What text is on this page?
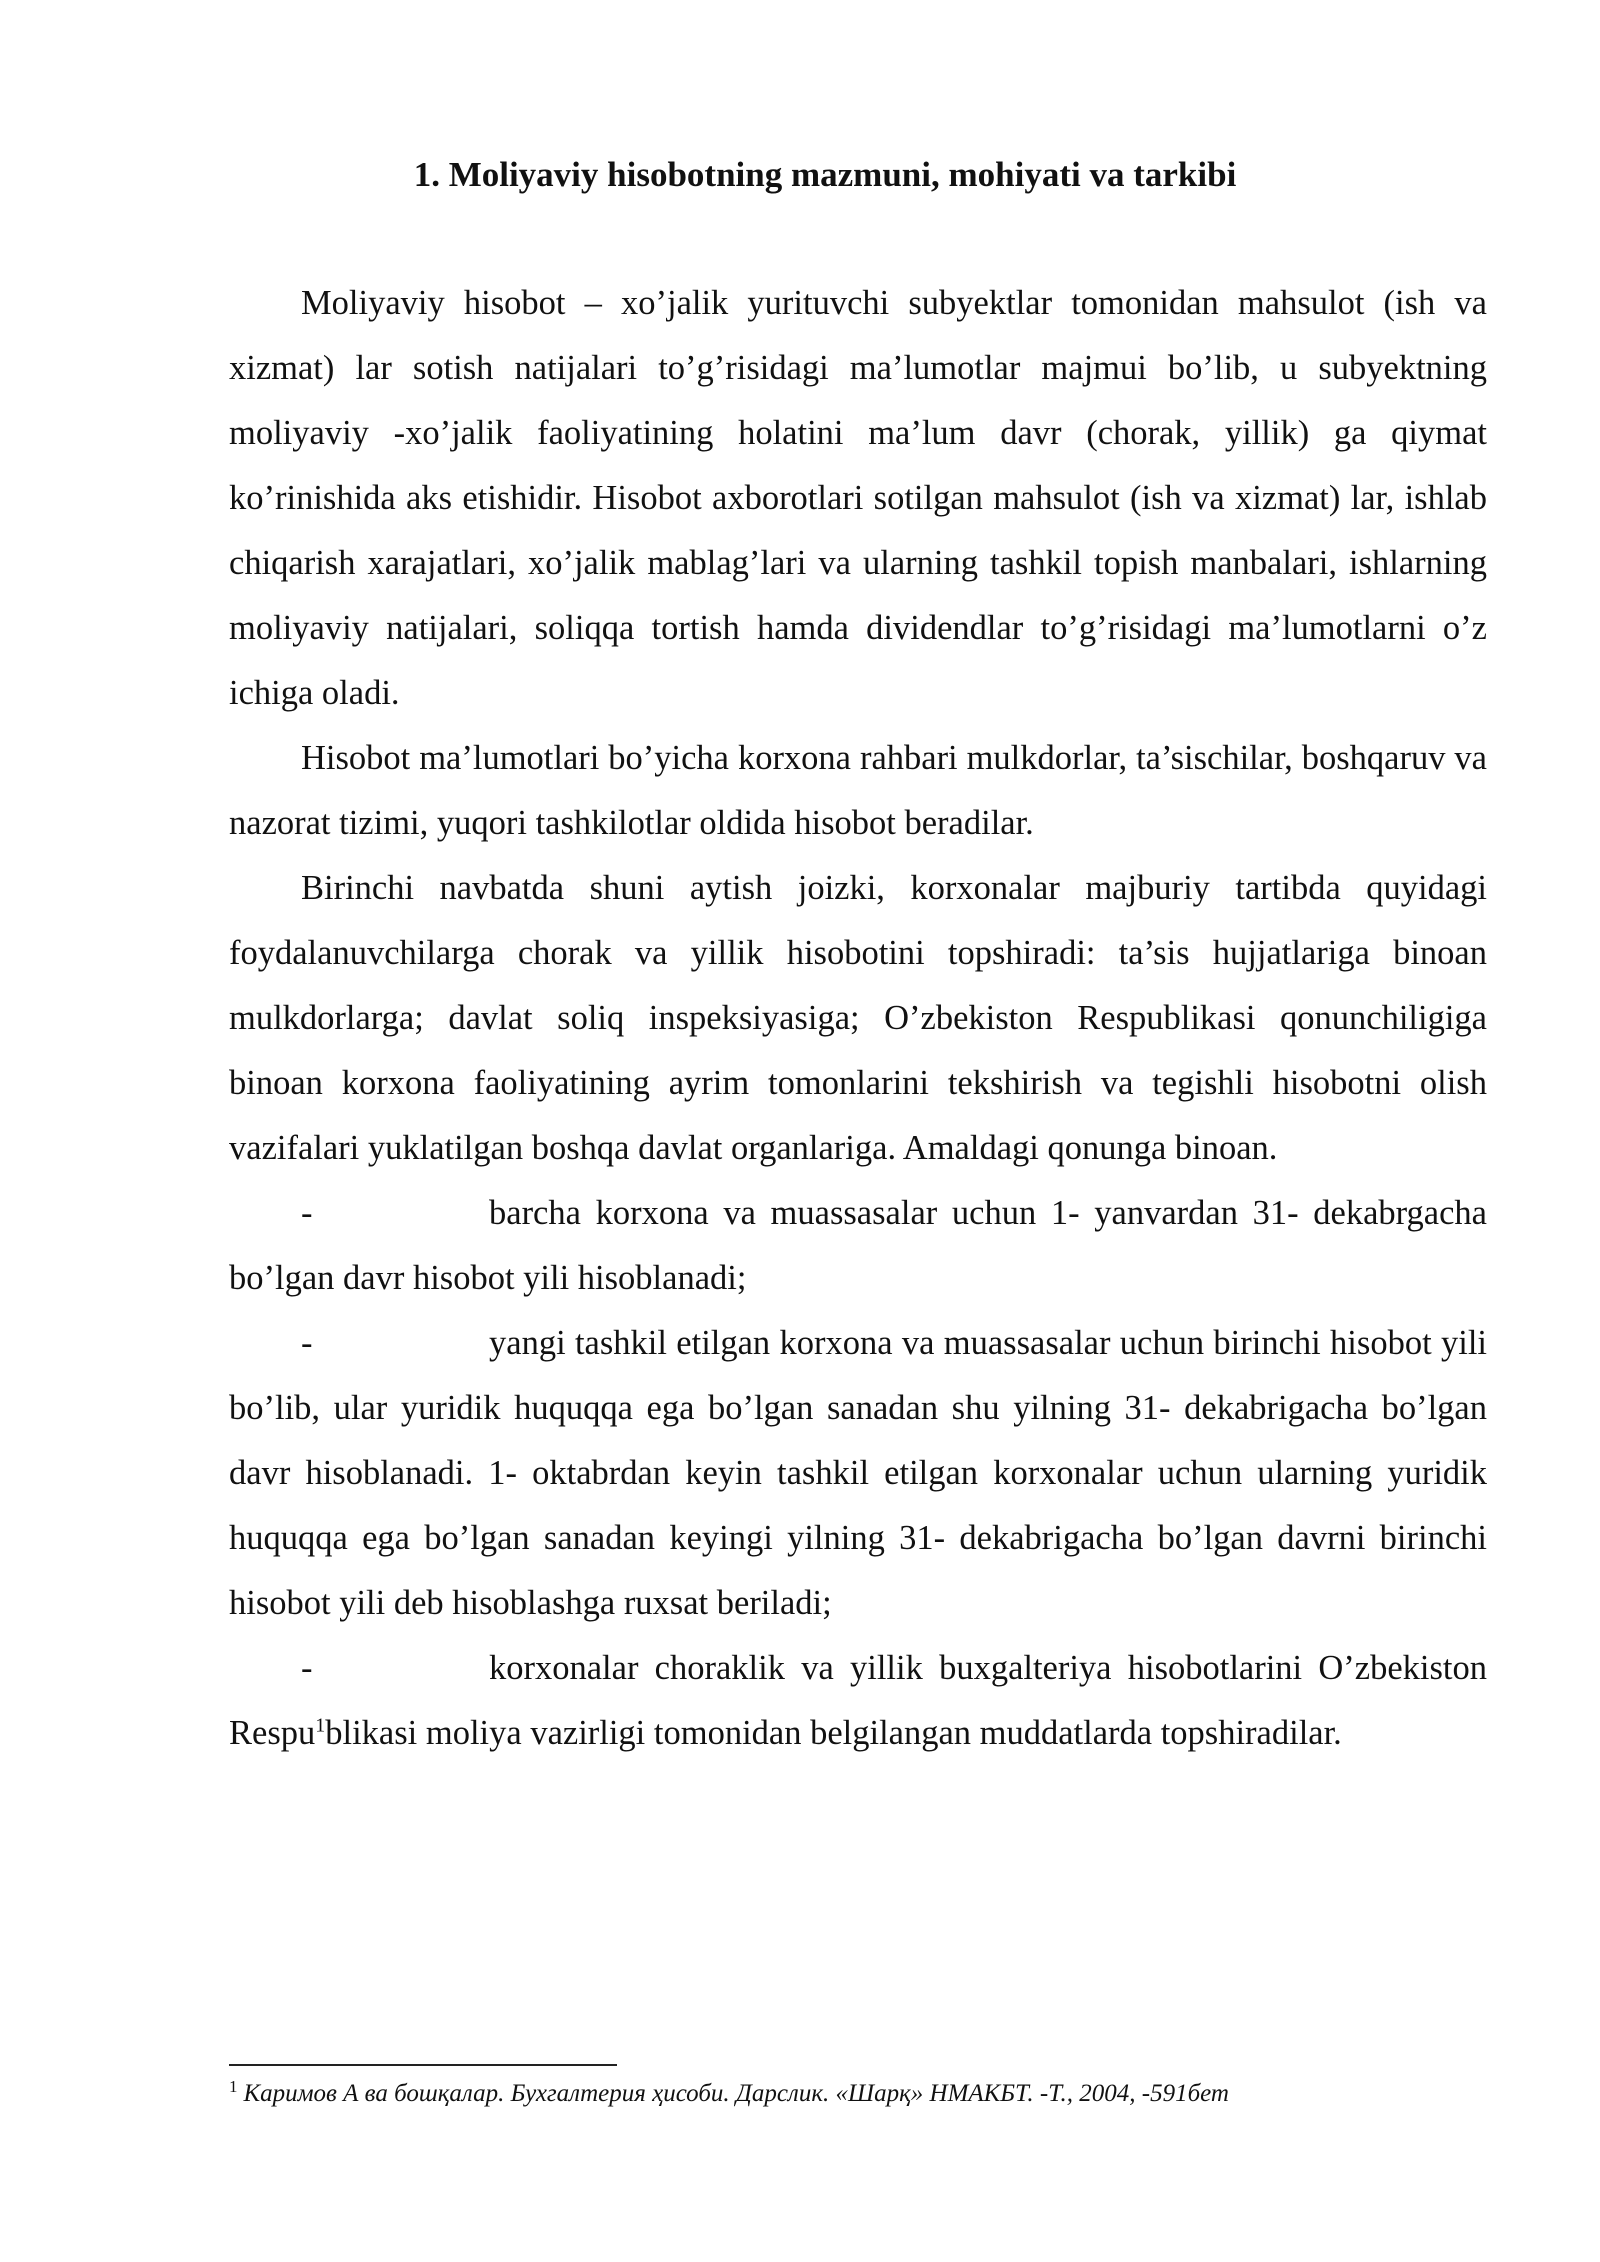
1. Moliyaviy hisobotning mazmuni, mohiyati va tarkibi

Moliyaviy hisobot – xo’jalik yurituvchi subyektlar tomonidan mahsulot (ish va xizmat) lar sotish natijalari to’g’risidagi ma’lumotlar majmui bo’lib, u subyektning moliyaviy -xo’jalik faoliyatining holatini ma’lum davr (chorak, yillik) ga qiymat ko’rinishida aks etishidir. Hisobot axborotlari sotilgan mahsulot (ish va xizmat) lar, ishlab chiqarish xarajatlari, xo’jalik mablag’lari va ularning tashkil topish manbalari, ishlarning moliyaviy natijalari, soliqqa tortish hamda dividendlar to’g’risidagi ma’lumotlarni o’z ichiga oladi.

Hisobot ma’lumotlari bo’yicha korxona rahbari mulkdorlar, ta’sischilar, boshqaruv va nazorat tizimi, yuqori tashkilotlar oldida hisobot beradilar.

Birinchi navbatda shuni aytish joizki, korxonalar majburiy tartibda quyidagi foydalanuvchilarga chorak va yillik hisobotini topshiradi: ta’sis hujjatlariga binoan mulkdorlarga; davlat soliq inspeksiyasiga; O’zbekiston Respublikasi qonunchiligiga binoan korxona faoliyatining ayrim tomonlarini tekshirish va tegishli hisobotni olish vazifalari yuklatilgan boshqa davlat organlariga. Amaldagi qonunga binoan.

-	barcha korxona va muassasalar uchun 1- yanvardan 31- dekabrgacha bo’lgan davr hisobot yili hisoblanadi;

-	yangi tashkil etilgan korxona va muassasalar uchun birinchi hisobot yili bo’lib, ular yuridik huquqqa ega bo’lgan sanadan shu yilning 31- dekabrigacha bo’lgan davr hisoblanadi. 1- oktabrdan keyin tashkil etilgan korxonalar uchun ularning yuridik huquqqa ega bo’lgan sanadan keyingi yilning 31- dekabrigacha bo’lgan davrni birinchi hisobot yili deb hisoblashga ruxsat beriladi;

-	korxonalar choraklik va yillik buxgalteriya hisobotlarini O’zbekiston Respu$^1$blikasi moliya vazirligi tomonidan belgilangan muddatlarda topshiradilar.

$^1$ Каримов А ва бошқалар. Бухгалтерия ҳисоби. Дарслик. «Шарқ» НМАКБТ. -Т., 2004, -591бет
